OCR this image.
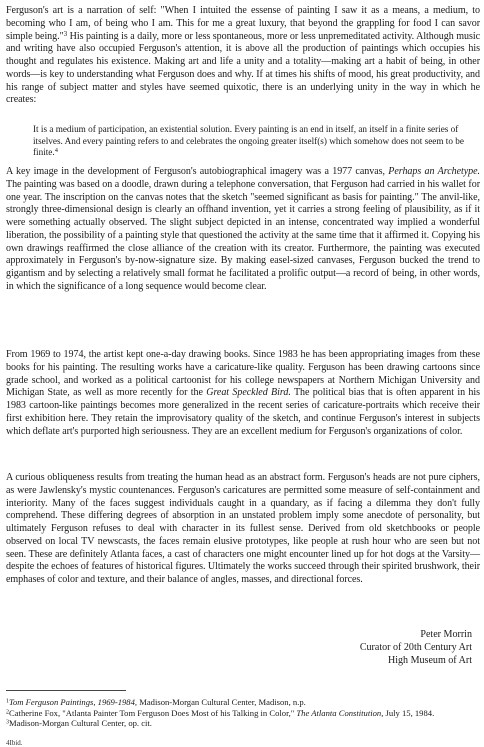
Ferguson's art is a narration of self: "When I intuited the essense of painting I saw it as a means, a medium, to becoming who I am, of being who I am. This for me a great luxury, that beyond the grappling for food I can savor simple being."$^3$ His painting is a daily, more or less spontaneous, more or less unpremeditated activity. Although music and writing have also occupied Ferguson's attention, it is above all the production of paintings which occupies his thought and regulates his existence. Making art and life a unity and a totality—making art a habit of being, in other words—is key to understanding what Ferguson does and why. If at times his shifts of mood, his great productivity, and his range of subject matter and styles have seemed quixotic, there is an underlying unity in the way in which he creates:

It is a medium of participation, an existential solution. Every painting is an end in itself, an itself in a finite series of itselves. And every painting refers to and celebrates the ongoing greater itself(s) which somehow does not seem to be finite.$^4$

A key image in the development of Ferguson's autobiographical imagery was a 1977 canvas, Perhaps an Archetype. The painting was based on a doodle, drawn during a telephone conversation, that Ferguson had carried in his wallet for one year. The inscription on the canvas notes that the sketch "seemed significant as basis for painting." The anvil-like, strongly three-dimensional design is clearly an offhand invention, yet it carries a strong feeling of plausibility, as if it were something actually observed. The slight subject depicted in an intense, concentrated way implied a wonderful liberation, the possibility of a painting style that questioned the activity at the same time that it affirmed it. Copying his own drawings reaffirmed the close alliance of the creation with its creator. Furthermore, the painting was executed approximately in Ferguson's by-now-signature size. By making easel-sized canvases, Ferguson bucked the trend to gigantism and by selecting a relatively small format he facilitated a prolific output—a record of being, in other words, in which the significance of a long sequence would become clear.

From 1969 to 1974, the artist kept one-a-day drawing books. Since 1983 he has been appropriating images from these books for his painting. The resulting works have a caricature-like quality. Ferguson has been drawing cartoons since grade school, and worked as a political cartoonist for his college newspapers at Northern Michigan University and Michigan State, as well as more recently for the Great Speckled Bird. The political bias that is often apparent in his 1983 cartoon-like paintings becomes more generalized in the recent series of caricature-portraits which receive their first exhibition here. They retain the improvisatory quality of the sketch, and continue Ferguson's interest in subjects which deflate art's purported high seriousness. They are an excellent medium for Ferguson's organizations of color.

A curious obliqueness results from treating the human head as an abstract form. Ferguson's heads are not pure ciphers, as were Jawlensky's mystic countenances. Ferguson's caricatures are permitted some measure of self-containment and interiority. Many of the faces suggest individuals caught in a quandary, as if facing a dilemma they don't fully comprehend. These differing degrees of absorption in an unstated problem imply some anecdote of personality, but ultimately Ferguson refuses to deal with character in its fullest sense. Derived from old sketchbooks or people observed on local TV newscasts, the faces remain elusive prototypes, like people at rush hour who are seen but not seen. These are definitely Atlanta faces, a cast of characters one might encounter lined up for hot dogs at the Varsity—despite the echoes of features of historical figures. Ultimately the works succeed through their spirited brushwork, their emphases of color and texture, and their balance of angles, masses, and directional forces.

Peter Morrin
Curator of 20th Century Art
High Museum of Art
$^1$Tom Ferguson Paintings, 1969-1984, Madison-Morgan Cultural Center, Madison, n.p.
$^2$Catherine Fox, "Atlanta Painter Tom Ferguson Does Most of his Talking in Color," The Atlanta Constitution, July 15, 1984.
$^3$Madison-Morgan Cultural Center, op. cit.
4Ibid.
